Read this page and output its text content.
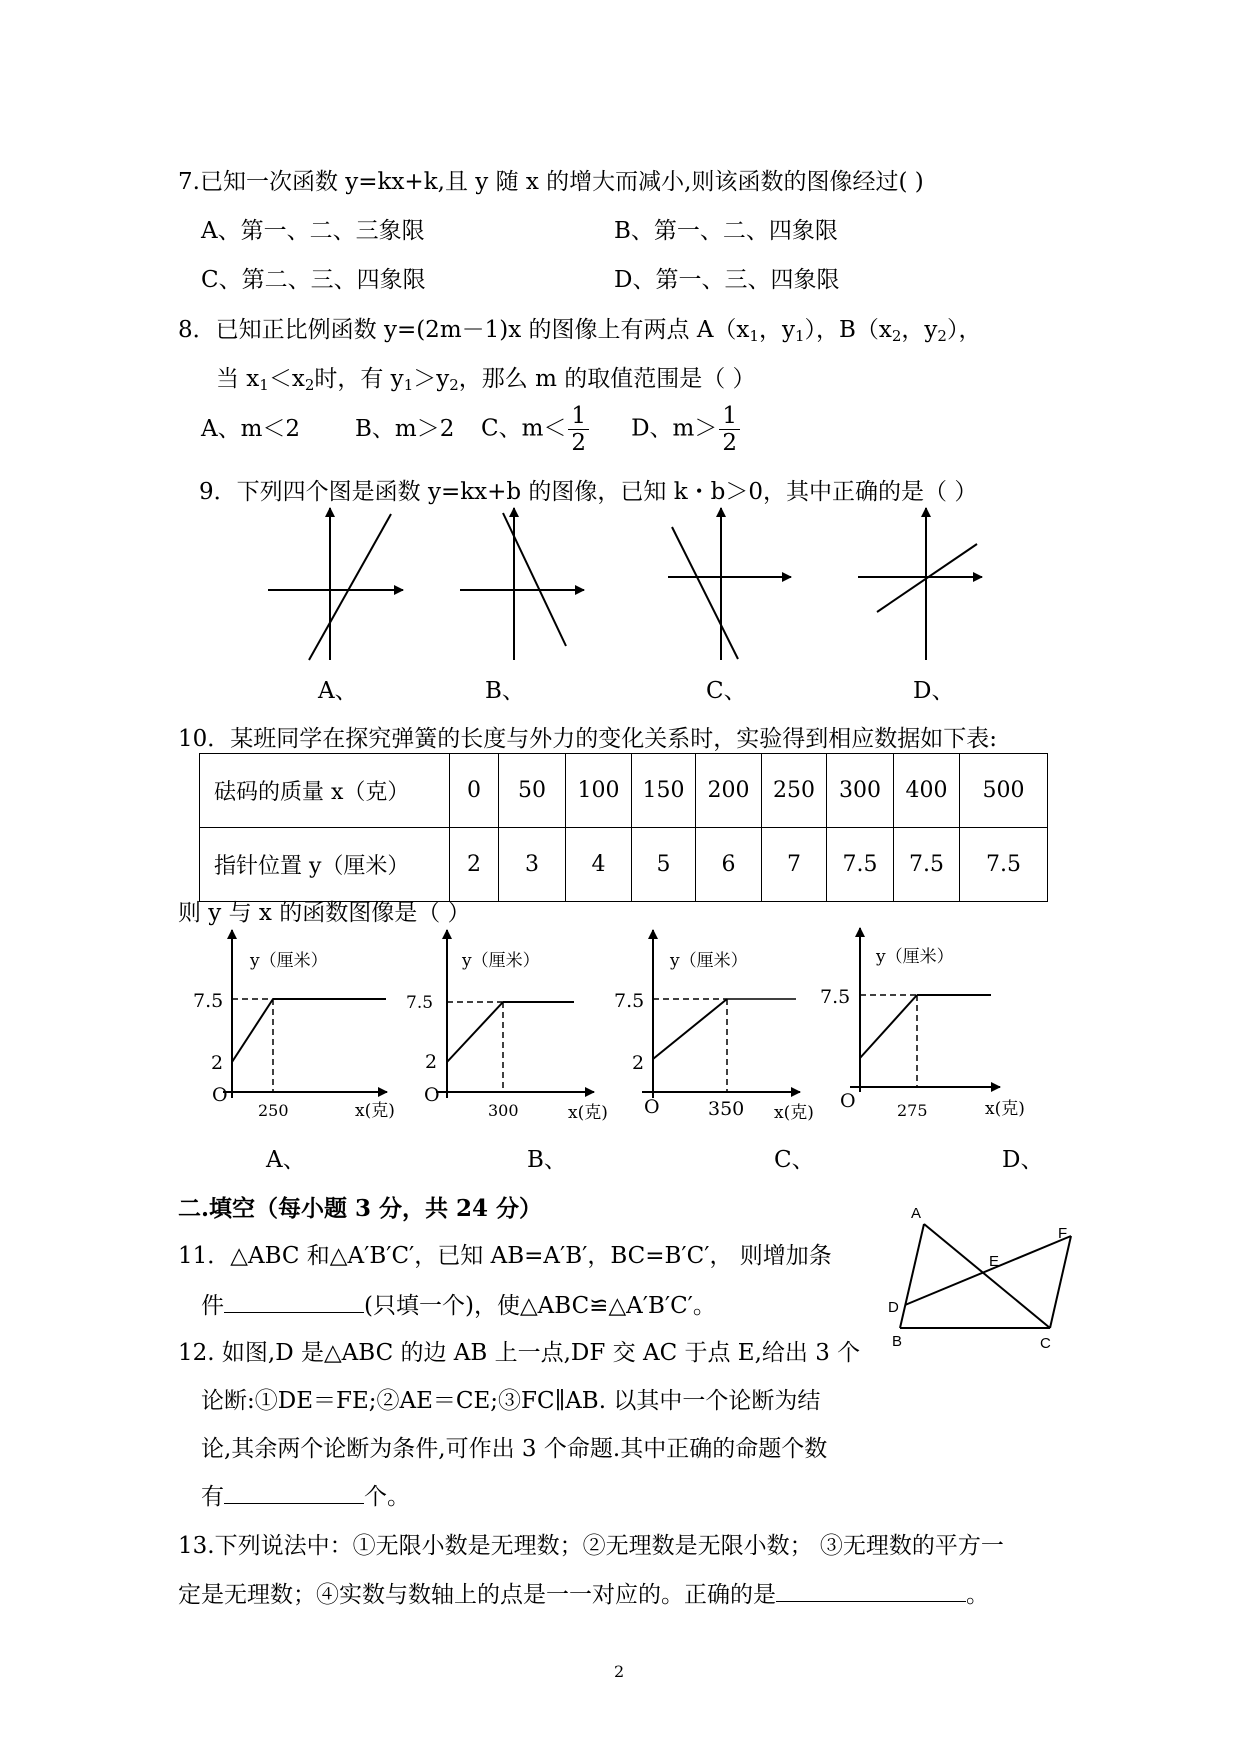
7.已知一次函数 y=kx+k,且 y 随 x 的增大而减小,则该函数的图像经过( )
A、第一、二、三象限	B、第一、二、四象限
C、第二、三、四象限	D、第一、三、四象限
8．已知正比例函数 y=(2m－1)x 的图像上有两点 $A(x_1$，$y_1$），$B(x_2$，$y_2$），
当 $x_1<x_2$时，有 $y_1>y_2$，那么 m 的取值范围是（ ）
A、m＜2 B、m＞2 C、$m< \frac{1}{2}$ D、$m> \frac{1}{2}$
9．下列四个图是函数 y=kx+b 的图像，已知 k・b＞0，其中正确的是（ ）
A、	B、	C、	D、
10．某班同学在探究弹簧的长度与外力的变化关系时，实验得到相应数据如下表:
砝码的质量 x（克）	0	50	100	150	200	250	300	400	500
指针位置 y（厘米）	2	3	4	5	6	7	7.5	7.5	7.5
则 y 与 x 的函数图像是（ ）
y（厘米）
7.5
2
O
250	x(克)
A、
y（厘米）
7.5
2
O
300	x(克)
B、
y（厘米）
7.5
2
O	350 x(克)
C、
y（厘米）
7.5
O	275	x(克)
D、
二.填空（每小题 3 分，共 24 分）
11．△ABC 和△A′B′C′，已知 AB=A′B′，BC=B′C′， 则增加条
件	(只填一个)，使△ABC≌△A′B′C′。
12. 如图,D 是△ABC 的边 AB 上一点,DF 交 AC 于点 E,给出 3 个
论断:①DE＝FE;②AE＝CE;③FC∥AB. 以其中一个论断为结
论,其余两个论断为条件,可作出 3 个命题.其中正确的命题个数
有	个。
A
B	C
D
E
F
13.下列说法中：①无限小数是无理数；②无理数是无限小数； ③无理数的平方一
定是无理数；④实数与数轴上的点是一一对应的。正确的是	。
2
